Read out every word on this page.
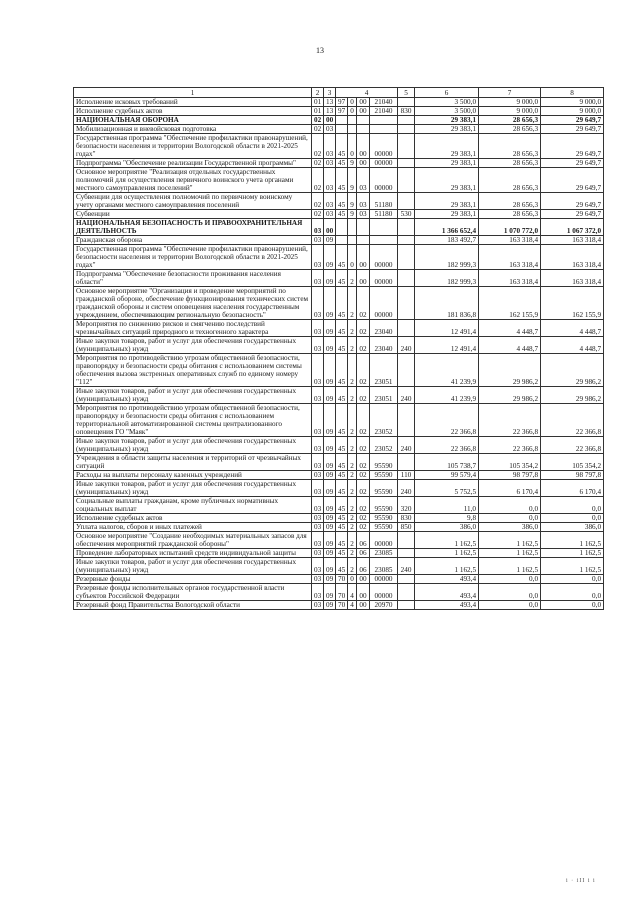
13
1	2	3	4				5	6	7	8
Исполнение исковых требований	01	13	97	0	00	21040		3 500,0	9 000,0	9 000,0
Исполнение судебных актов	01	13	97	0	00	21040	830	3 500,0	9 000,0	9 000,0
НАЦИОНАЛЬНАЯ ОБОРОНА	02	00						29 383,1	28 656,3	29 649,7
Мобилизационная и вневойсковая подготовка	02	03						29 383,1	28 656,3	29 649,7
Государственная программа "Обеспечение профилактики правонарушений, безопасности населения и территории Вологодской области в 2021-2025 годах"	02	03	45	0	00	00000		29 383,1	28 656,3	29 649,7
Подпрограмма "Обеспечение реализации Государственной программы"	02	03	45	9	00	00000		29 383,1	28 656,3	29 649,7
Основное мероприятие "Реализация отдельных государственных полномочий для осуществления первичного воинского учета органами местного самоуправления поселений"	02	03	45	9	03	00000		29 383,1	28 656,3	29 649,7
Субвенции для осуществления полномочий по первичному воинскому учету органами местного самоуправления поселений	02	03	45	9	03	51180		29 383,1	28 656,3	29 649,7
Субвенции	02	03	45	9	03	51180	530	29 383,1	28 656,3	29 649,7
НАЦИОНАЛЬНАЯ БЕЗОПАСНОСТЬ И ПРАВООХРАНИТЕЛЬНАЯ ДЕЯТЕЛЬНОСТЬ	03	00						1 366 652,4	1 070 772,0	1 067 372,0
Гражданская оборона	03	09						183 492,7	163 318,4	163 318,4
Государственная программа "Обеспечение профилактики правонарушений, безопасности населения и территории Вологодской области в 2021-2025 годах"	03	09	45	0	00	00000		182 999,3	163 318,4	163 318,4
Подпрограмма "Обеспечение безопасности проживания населения области"	03	09	45	2	00	00000		182 999,3	163 318,4	163 318,4
Основное мероприятие "Организация и проведение мероприятий по гражданской обороне, обеспечение функционирования технических систем гражданской обороны и систем оповещения населения государственным учреждением, обеспечивающим региональную безопасность"	03	09	45	2	02	00000		181 836,8	162 155,9	162 155,9
Мероприятия по снижению рисков и смягчению последствий чрезвычайных ситуаций природного и техногенного характера	03	09	45	2	02	23040		12 491,4	4 448,7	4 448,7
Иные закупки товаров, работ и услуг для обеспечения государственных (муниципальных) нужд	03	09	45	2	02	23040	240	12 491,4	4 448,7	4 448,7
Мероприятия по противодействию угрозам общественной безопасности, правопорядку и безопасности среды обитания с использованием системы обеспечения вызова экстренных оперативных служб по единому номеру "112"	03	09	45	2	02	23051		41 239,9	29 986,2	29 986,2
Иные закупки товаров, работ и услуг для обеспечения государственных (муниципальных) нужд	03	09	45	2	02	23051	240	41 239,9	29 986,2	29 986,2
Мероприятия по противодействию угрозам общественной безопасности, правопорядку и безопасности среды обитания с использованием территориальной автоматизированной системы централизованного оповещения ГО "Маяк"	03	09	45	2	02	23052		22 366,8	22 366,8	22 366,8
Иные закупки товаров, работ и услуг для обеспечения государственных (муниципальных) нужд	03	09	45	2	02	23052	240	22 366,8	22 366,8	22 366,8
Учреждения в области защиты населения и территорий от чрезвычайных ситуаций	03	09	45	2	02	95590		105 738,7	105 354,2	105 354,2
Расходы на выплаты персоналу казенных учреждений	03	09	45	2	02	95590	110	99 579,4	98 797,8	98 797,8
Иные закупки товаров, работ и услуг для обеспечения государственных (муниципальных) нужд	03	09	45	2	02	95590	240	5 752,5	6 170,4	6 170,4
Социальные выплаты гражданам, кроме публичных нормативных социальных выплат	03	09	45	2	02	95590	320	11,0	0,0	0,0
Исполнение судебных актов	03	09	45	2	02	95590	830	9,8	0,0	0,0
Уплата налогов, сборов и иных платежей	03	09	45	2	02	95590	850	386,0	386,0	386,0
Основное мероприятие "Создание необходимых материальных запасов для обеспечения мероприятий гражданской обороны"	03	09	45	2	06	00000		1 162,5	1 162,5	1 162,5
Проведение лабораторных испытаний средств индивидуальной защиты	03	09	45	2	06	23085		1 162,5	1 162,5	1 162,5
Иные закупки товаров, работ и услуг для обеспечения государственных (муниципальных) нужд	03	09	45	2	06	23085	240	1 162,5	1 162,5	1 162,5
Резервные фонды	03	09	70	0	00	00000		493,4	0,0	0,0
Резервные фонды исполнительных органов государственной власти субъектов Российской Федерации	03	09	70	4	00	00000		493,4	0,0	0,0
Резервный фонд Правительства Вологодской области	03	09	70	4	00	20970		493,4	0,0	0,0
i · iII i i
